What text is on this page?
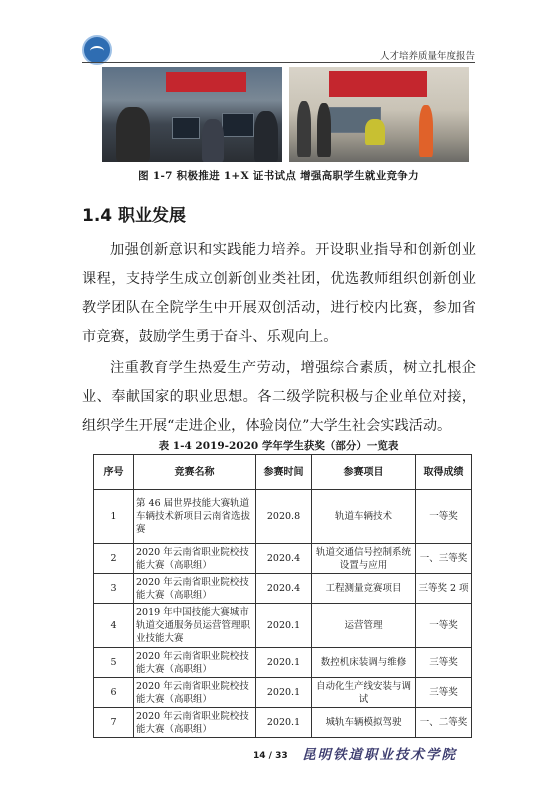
人才培养质量年度报告
图 1-7 积极推进 1+X 证书试点 增强高职学生就业竞争力
1.4 职业发展

加强创新意识和实践能力培养。开设职业指导和创新创业课程，支持学生成立创新创业类社团，优选教师组织创新创业教学团队在全院学生中开展双创活动，进行校内比赛，参加省市竞赛，鼓励学生勇于奋斗、乐观向上。

注重教育学生热爱生产劳动，增强综合素质，树立扎根企业、奉献国家的职业思想。各二级学院积极与企业单位对接，组织学生开展“走进企业，体验岗位”大学生社会实践活动。

表 1-4 2019-2020 学年学生获奖（部分）一览表
序号	竞赛名称	参赛时间	参赛项目	取得成绩
1	第 46 届世界技能大赛轨道车辆技术新项目云南省选拔赛	2020.8	轨道车辆技术	一等奖
2	2020 年云南省职业院校技能大赛（高职组）	2020.4	轨道交通信号控制系统设置与应用	一、三等奖
3	2020 年云南省职业院校技能大赛（高职组）	2020.4	工程测量竞赛项目	三等奖 2 项
4	2019 年中国技能大赛城市轨道交通服务员运营管理职业技能大赛	2020.1	运营管理	一等奖
5	2020 年云南省职业院校技能大赛（高职组）	2020.1	数控机床装调与维修	三等奖
6	2020 年云南省职业院校技能大赛（高职组）	2020.1	自动化生产线安装与调试	三等奖
7	2020 年云南省职业院校技能大赛（高职组）	2020.1	城轨车辆模拟驾驶	一、二等奖
14 / 33 昆明铁道职业技术学院
